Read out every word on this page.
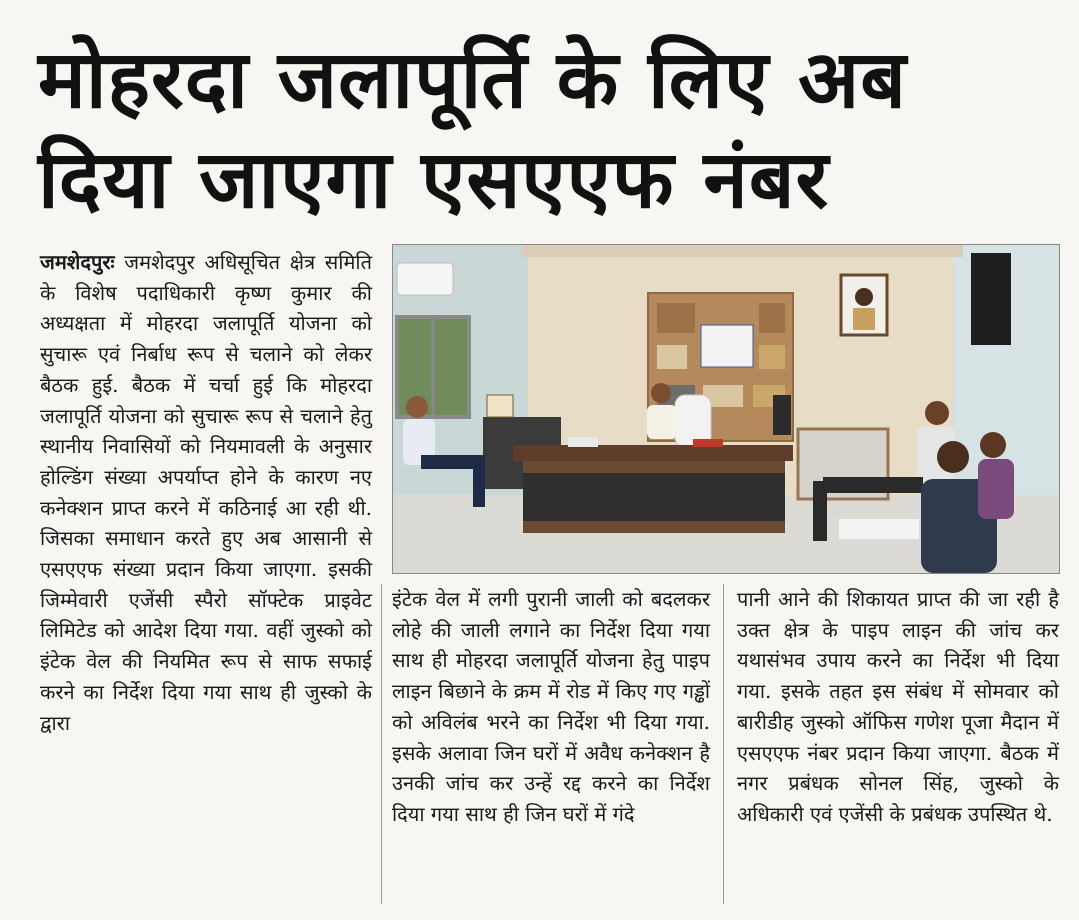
मोहरदा जलापूर्ति के लिए अब
दिया जाएगा एसएएफ नंबर

जमशेदपुरः जमशेदपुर अधिसूचित क्षेत्र समिति के विशेष पदाधिकारी कृष्ण कुमार की अध्यक्षता में मोहरदा जलापूर्ति योजना को सुचारू एवं निर्बाध रूप से चलाने को लेकर बैठक हुई. बैठक में चर्चा हुई कि मोहरदा जलापूर्ति योजना को सुचारू रूप से चलाने हेतु स्थानीय निवासियों को नियमावली के अनुसार होल्डिंग संख्या अपर्याप्त होने के कारण नए कनेक्शन प्राप्त करने में कठिनाई आ रही थी. जिसका समाधान करते हुए अब आसानी से एसएएफ संख्या प्रदान किया जाएगा. इसकी जिम्मेवारी एजेंसी स्पैरो सॉफ्टेक प्राइवेट लिमिटेड को आदेश दिया गया. वहीं जुस्को को इंटेक वेल की नियमित रूप से साफ सफाई करने का निर्देश दिया गया साथ ही जुस्को के द्वारा

इंटेक वेल में लगी पुरानी जाली को बदलकर लोहे की जाली लगाने का निर्देश दिया गया साथ ही मोहरदा जलापूर्ति योजना हेतु पाइप लाइन बिछाने के क्रम में रोड में किए गए गड्ढों को अविलंब भरने का निर्देश भी दिया गया. इसके अलावा जिन घरों में अवैध कनेक्शन है उनकी जांच कर उन्हें रद्द करने का निर्देश दिया गया साथ ही जिन घरों में गंदे

पानी आने की शिकायत प्राप्त की जा रही है उक्त क्षेत्र के पाइप लाइन की जांच कर यथासंभव उपाय करने का निर्देश भी दिया गया. इसके तहत इस संबंध में सोमवार को बारीडीह जुस्को ऑफिस गणेश पूजा मैदान में एसएएफ नंबर प्रदान किया जाएगा. बैठक में नगर प्रबंधक सोनल सिंह, जुस्को के अधिकारी एवं एजेंसी के प्रबंधक उपस्थित थे.
